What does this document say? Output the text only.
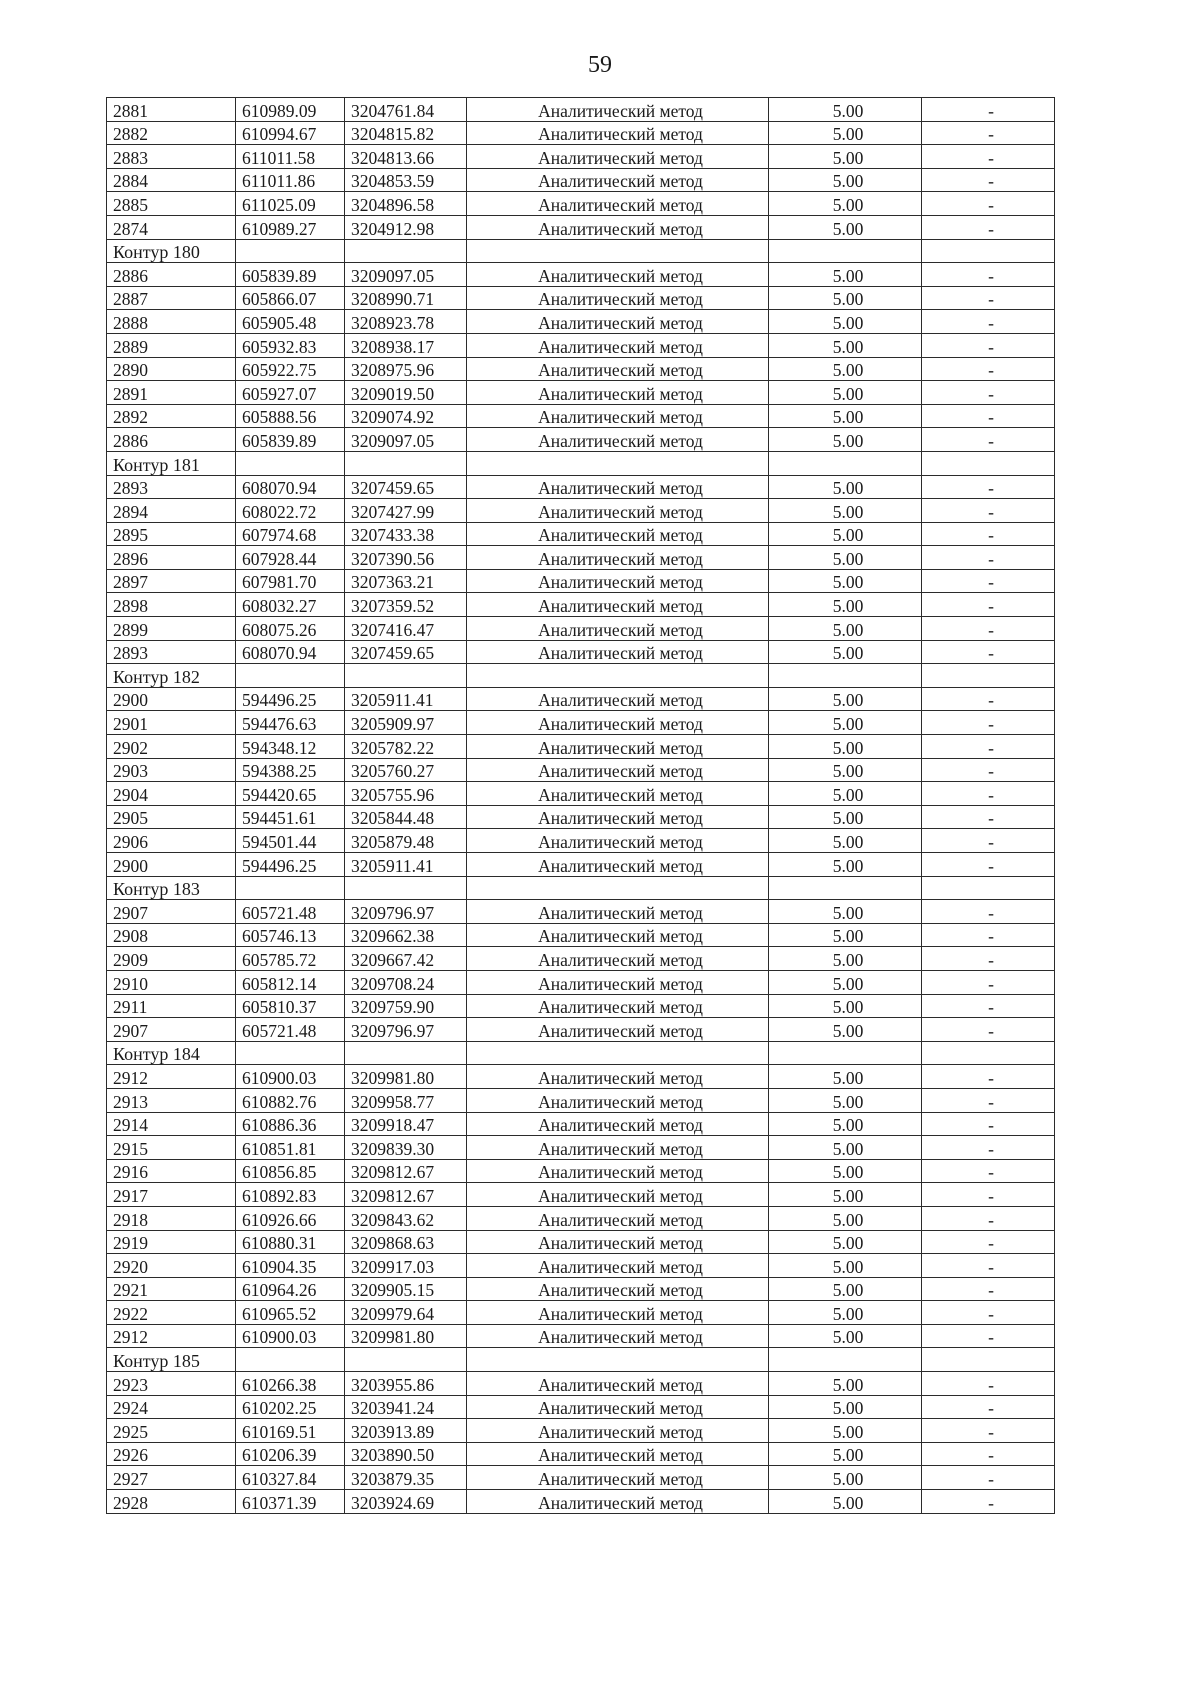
59
2881	610989.09	3204761.84	Аналитический метод	5.00	-
2882	610994.67	3204815.82	Аналитический метод	5.00	-
2883	611011.58	3204813.66	Аналитический метод	5.00	-
2884	611011.86	3204853.59	Аналитический метод	5.00	-
2885	611025.09	3204896.58	Аналитический метод	5.00	-
2874	610989.27	3204912.98	Аналитический метод	5.00	-
Контур 180					
2886	605839.89	3209097.05	Аналитический метод	5.00	-
2887	605866.07	3208990.71	Аналитический метод	5.00	-
2888	605905.48	3208923.78	Аналитический метод	5.00	-
2889	605932.83	3208938.17	Аналитический метод	5.00	-
2890	605922.75	3208975.96	Аналитический метод	5.00	-
2891	605927.07	3209019.50	Аналитический метод	5.00	-
2892	605888.56	3209074.92	Аналитический метод	5.00	-
2886	605839.89	3209097.05	Аналитический метод	5.00	-
Контур 181					
2893	608070.94	3207459.65	Аналитический метод	5.00	-
2894	608022.72	3207427.99	Аналитический метод	5.00	-
2895	607974.68	3207433.38	Аналитический метод	5.00	-
2896	607928.44	3207390.56	Аналитический метод	5.00	-
2897	607981.70	3207363.21	Аналитический метод	5.00	-
2898	608032.27	3207359.52	Аналитический метод	5.00	-
2899	608075.26	3207416.47	Аналитический метод	5.00	-
2893	608070.94	3207459.65	Аналитический метод	5.00	-
Контур 182					
2900	594496.25	3205911.41	Аналитический метод	5.00	-
2901	594476.63	3205909.97	Аналитический метод	5.00	-
2902	594348.12	3205782.22	Аналитический метод	5.00	-
2903	594388.25	3205760.27	Аналитический метод	5.00	-
2904	594420.65	3205755.96	Аналитический метод	5.00	-
2905	594451.61	3205844.48	Аналитический метод	5.00	-
2906	594501.44	3205879.48	Аналитический метод	5.00	-
2900	594496.25	3205911.41	Аналитический метод	5.00	-
Контур 183					
2907	605721.48	3209796.97	Аналитический метод	5.00	-
2908	605746.13	3209662.38	Аналитический метод	5.00	-
2909	605785.72	3209667.42	Аналитический метод	5.00	-
2910	605812.14	3209708.24	Аналитический метод	5.00	-
2911	605810.37	3209759.90	Аналитический метод	5.00	-
2907	605721.48	3209796.97	Аналитический метод	5.00	-
Контур 184					
2912	610900.03	3209981.80	Аналитический метод	5.00	-
2913	610882.76	3209958.77	Аналитический метод	5.00	-
2914	610886.36	3209918.47	Аналитический метод	5.00	-
2915	610851.81	3209839.30	Аналитический метод	5.00	-
2916	610856.85	3209812.67	Аналитический метод	5.00	-
2917	610892.83	3209812.67	Аналитический метод	5.00	-
2918	610926.66	3209843.62	Аналитический метод	5.00	-
2919	610880.31	3209868.63	Аналитический метод	5.00	-
2920	610904.35	3209917.03	Аналитический метод	5.00	-
2921	610964.26	3209905.15	Аналитический метод	5.00	-
2922	610965.52	3209979.64	Аналитический метод	5.00	-
2912	610900.03	3209981.80	Аналитический метод	5.00	-
Контур 185					
2923	610266.38	3203955.86	Аналитический метод	5.00	-
2924	610202.25	3203941.24	Аналитический метод	5.00	-
2925	610169.51	3203913.89	Аналитический метод	5.00	-
2926	610206.39	3203890.50	Аналитический метод	5.00	-
2927	610327.84	3203879.35	Аналитический метод	5.00	-
2928	610371.39	3203924.69	Аналитический метод	5.00	-
